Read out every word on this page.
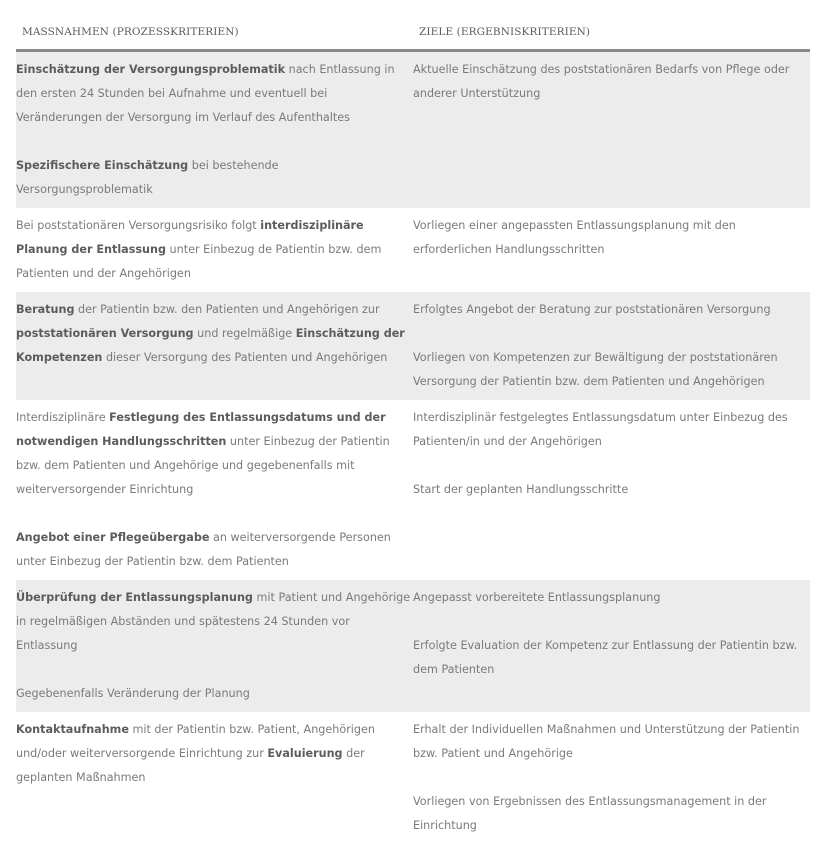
MASSNAHMEN (PROZESSKRITERIEN)	ZIELE (ERGEBNISKRITERIEN)
Einschätzung der Versorgungsproblematik nach Entlassung in den ersten 24 Stunden bei Aufnahme und eventuell bei Veränderungen der Versorgung im Verlauf des Aufenthaltes
Spezifischere Einschätzung bei bestehende Versorgungsproblematik
Aktuelle Einschätzung des poststationären Bedarfs von Pflege oder anderer Unterstützung
Bei poststationären Versorgungsrisiko folgt interdisziplinäre Planung der Entlassung unter Einbezug de Patientin bzw. dem Patienten und der Angehörigen
Vorliegen einer angepassten Entlassungsplanung mit den erforderlichen Handlungsschritten
Beratung der Patientin bzw. den Patienten und Angehörigen zur poststationären Versorgung und regelmäßige Einschätzung der Kompetenzen dieser Versorgung des Patienten und Angehörigen
Erfolgtes Angebot der Beratung zur poststationären Versorgung
Vorliegen von Kompetenzen zur Bewältigung der poststationären Versorgung der Patientin bzw. dem Patienten und Angehörigen
Interdisziplinäre Festlegung des Entlassungsdatums und der notwendigen Handlungsschritten unter Einbezug der Patientin bzw. dem Patienten und Angehörige und gegebenenfalls mit weiterversorgender Einrichtung
Angebot einer Pflegeübergabe an weiterversorgende Personen unter Einbezug der Patientin bzw. dem Patienten
Interdisziplinär festgelegtes Entlassungsdatum unter Einbezug des Patienten/in und der Angehörigen
Start der geplanten Handlungsschritte
Überprüfung der Entlassungsplanung mit Patient und Angehörige in regelmäßigen Abständen und spätestens 24 Stunden vor Entlassung
Gegebenenfalls Veränderung der Planung
Angepasst vorbereitete Entlassungsplanung
Erfolgte Evaluation der Kompetenz zur Entlassung der Patientin bzw. dem Patienten
Kontaktaufnahme mit der Patientin bzw. Patient, Angehörigen und/oder weiterversorgende Einrichtung zur Evaluierung der geplanten Maßnahmen
Erhalt der Individuellen Maßnahmen und Unterstützung der Patientin bzw. Patient und Angehörige
Vorliegen von Ergebnissen des Entlassungsmanagement in der Einrichtung
